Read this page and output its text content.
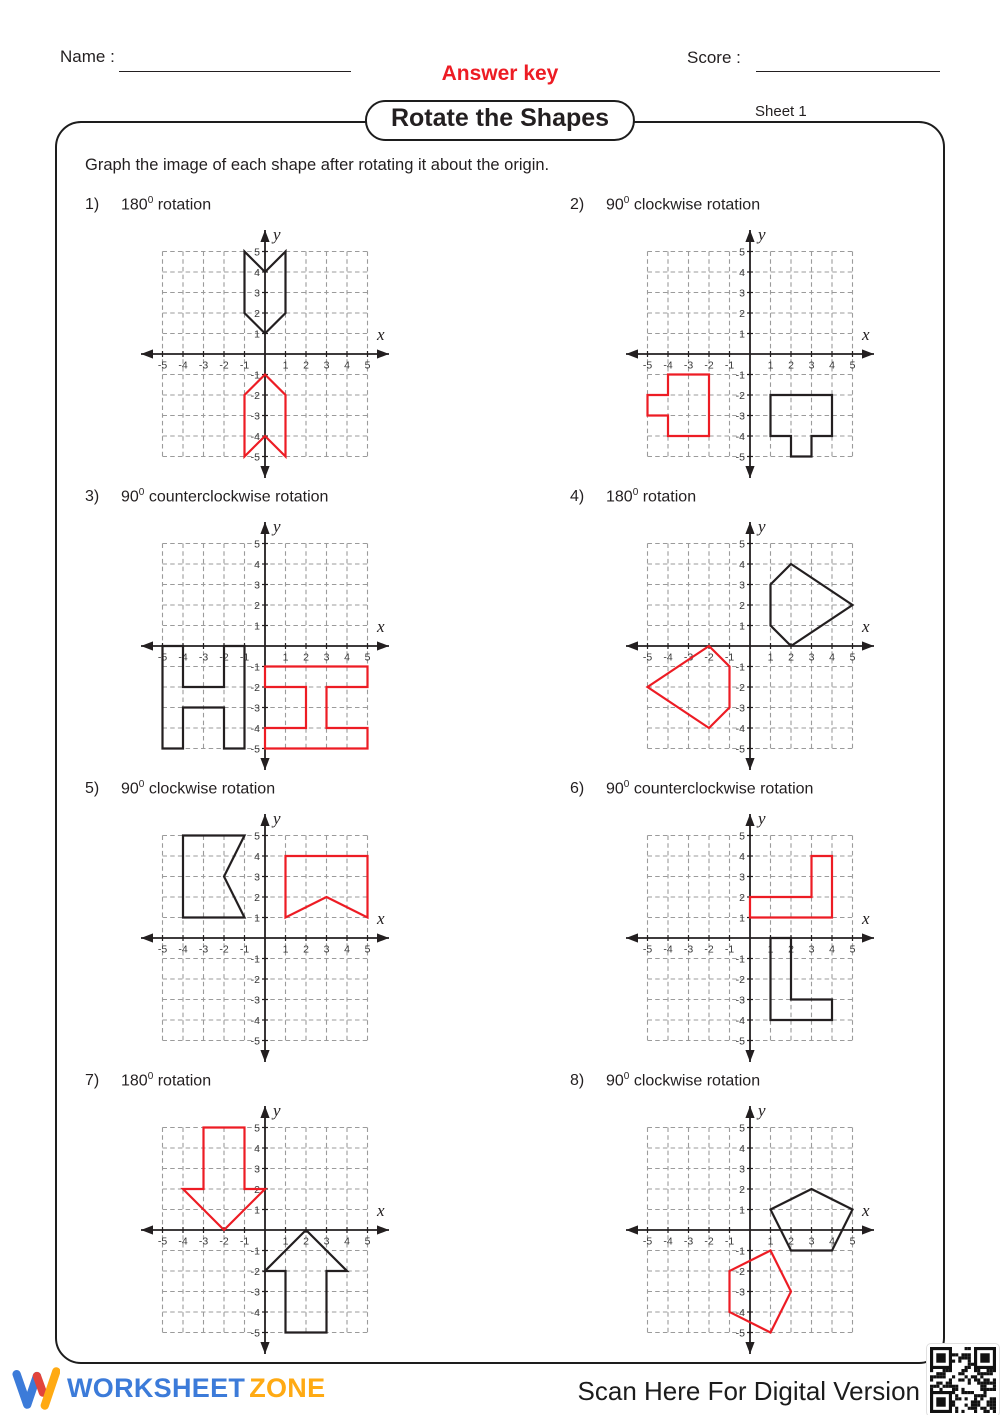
Name :
Answer key
Score :
Rotate the Shapes	Sheet 1
Graph the image of each shape after rotating it about the origin.
1) $180^0$ rotation
-5 -4 -3 -2 -1	1 2 3 4 5
-5
-4
-3
-2
-1
1
2
3
4
5
x
y
2) $90^0$ clockwise rotation
-5 -4 -3 -2 -1	1 2 3 4 5
-5
-4
-3
-2
-1
1
2
3
4
5
x
y
3) $90^0$ counterclockwise rotation
-5 -4 -3 -2 -1	1 2 3 4 5
-5
-4
-3
-2
-1
1
2
3
4
5
x
y
4) $180^0$ rotation
-5 -4 -3 -2 -1	1 2 3 4 5
-5
-4
-3
-2
-1
1
2
3
4
5
x
y
5) $90^0$ clockwise rotation
-5 -4 -3 -2 -1	1 2 3 4 5
-5
-4
-3
-2
-1
1
2
3
4
5
x
y
6) $90^0$ counterclockwise rotation
-5 -4 -3 -2 -1	1 2 3 4 5
-5
-4
-3
-2
-1
1
2
3
4
5
x
y
7) $180^0$ rotation
-5 -4 -3 -2 -1	1 2 3 4 5
-5
-4
-3
-2
-1
1
2
3
4
5
x
y
8) $90^0$ clockwise rotation
-5 -4 -3 -2 -1	1 2 3 4 5
-5
-4
-3
-2
-1
1
2
3
4
5
x
y
WORKSHEET ZONE	Scan Here For Digital Version
